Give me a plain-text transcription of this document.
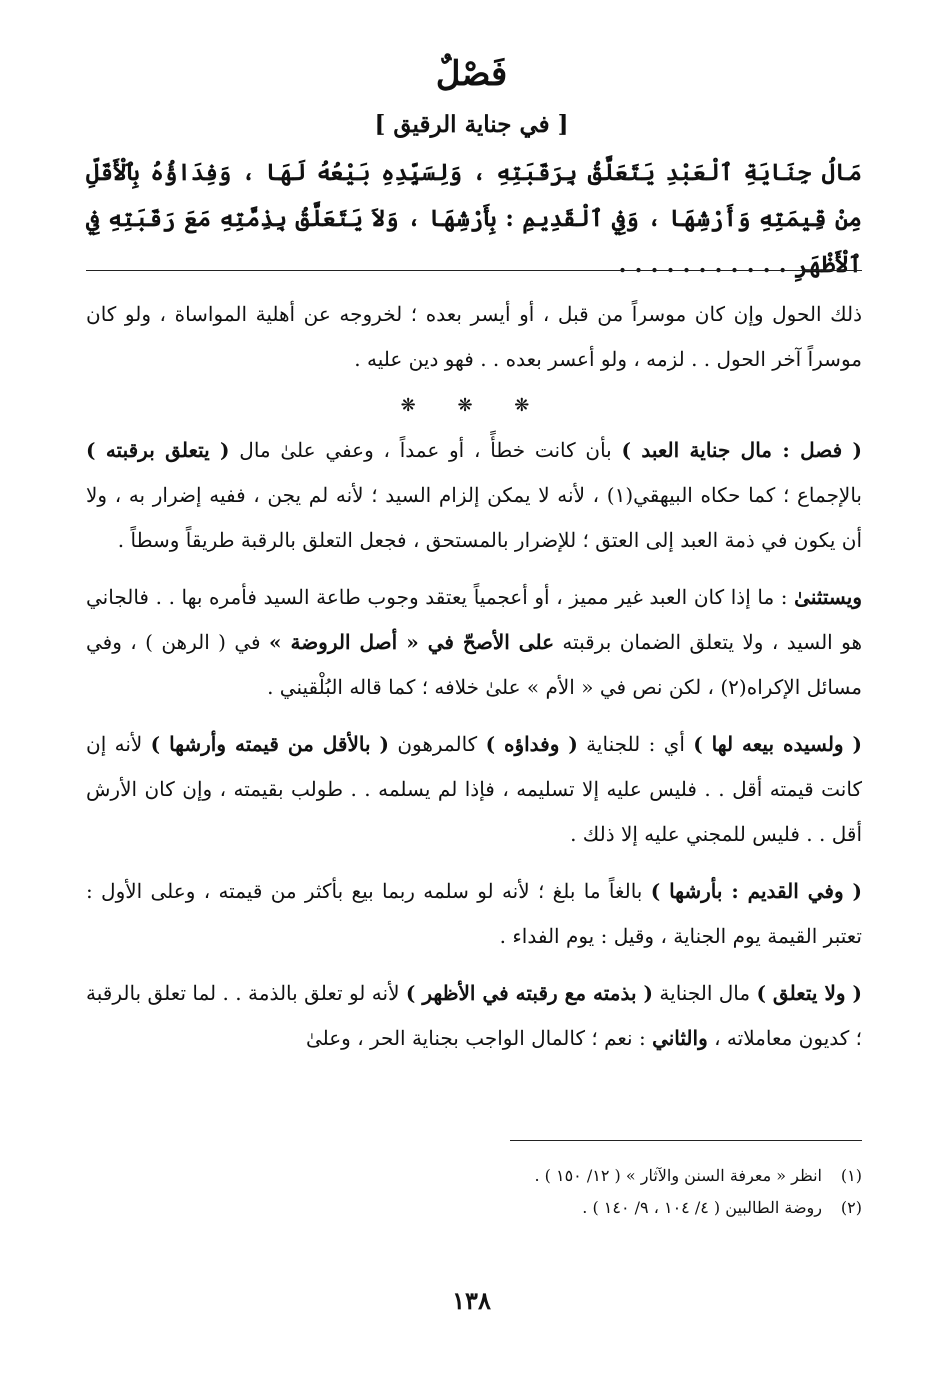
فَصْلٌ
[ في جناية الرقيق ]

مَالُ جِنَايَةِ ٱلْعَبْدِ يَتَعَلَّقُ بِرَقَبَتِهِ ، وَلِسَيِّدِهِ بَيْعُهُ لَهَا ، وَفِدَاؤُهُ بِٱلْأَقَلِّ مِنْ قِيمَتِهِ وَأَرْشِهَا ، وَفِي ٱلْقَدِيمِ : بِأَرْشِهَا ، وَلاَ يَتَعَلَّقُ بِذِمَّتِهِ مَعَ رَقَبَتِهِ فِي ٱلْأَظْهَرِ . . . . . . . . . . .

ذلك الحول وإن كان موسراً من قبل ، أو أيسر بعده ؛ لخروجه عن أهلية المواساة ، ولو كان موسراً آخر الحول . . لزمه ، ولو أعسر بعده . . فهو دين عليه .

❋ ❋ ❋

( فصل : مال جناية العبد ) بأن كانت خطأً ، أو عمداً ، وعفي علىٰ مال ( يتعلق برقبته ) بالإجماع ؛ كما حكاه البيهقي(١) ، لأنه لا يمكن إلزام السيد ؛ لأنه لم يجن ، ففيه إضرار به ، ولا أن يكون في ذمة العبد إلى العتق ؛ للإضرار بالمستحق ، فجعل التعلق بالرقبة طريقاً وسطاً .

ويستثنىٰ : ما إذا كان العبد غير مميز ، أو أعجمياً يعتقد وجوب طاعة السيد فأمره بها . . فالجاني هو السيد ، ولا يتعلق الضمان برقبته على الأصحّ في « أصل الروضة » في ( الرهن ) ، وفي مسائل الإكراه(٢) ، لكن نص في « الأم » علىٰ خلافه ؛ كما قاله البُلْقيني .

( ولسيده بيعه لها ) أي : للجناية ( وفداؤه ) كالمرهون ( بالأقل من قيمته وأرشها ) لأنه إن كانت قيمته أقل . . فليس عليه إلا تسليمه ، فإذا لم يسلمه . . طولب بقيمته ، وإن كان الأرش أقل . . فليس للمجني عليه إلا ذلك .

( وفي القديم : بأرشها ) بالغاً ما بلغ ؛ لأنه لو سلمه ربما بيع بأكثر من قيمته ، وعلى الأول : تعتبر القيمة يوم الجناية ، وقيل : يوم الفداء .

( ولا يتعلق ) مال الجناية ( بذمته مع رقبته في الأظهر ) لأنه لو تعلق بالذمة . . لما تعلق بالرقبة ؛ كديون معاملاته ، والثاني : نعم ؛ كالمال الواجب بجناية الحر ، وعلىٰ

(١)
انظر « معرفة السنن والآثار » ( ١٢/ ١٥٠ ) .
(٢)
روضة الطالبين ( ٤/ ١٠٤ ، ٩/ ١٤٠ ) .
١٣٨
